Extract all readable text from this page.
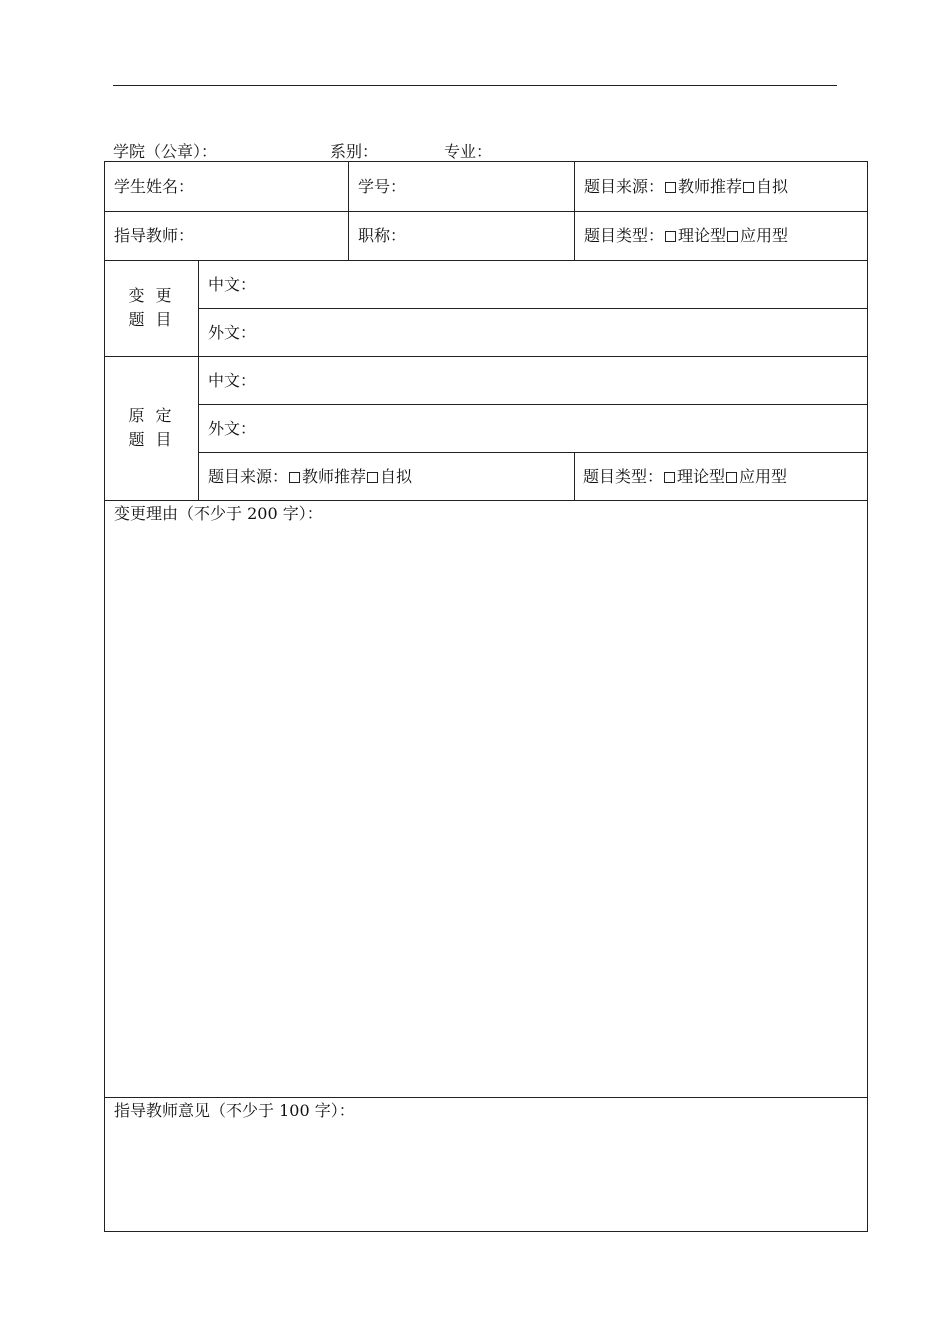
学院（公章）：	系别：	专业：
学生姓名：	学号：	题目来源： 教师推荐 自拟
指导教师：	职称：	题目类型： 理论型 应用型
变 更
题 目
中文：
外文：
原 定
题 目
中文：
外文：
题目来源： 教师推荐 自拟	题目类型： 理论型 应用型
变更理由（不少于 200 字）：
指导教师意见（不少于 100 字）：
